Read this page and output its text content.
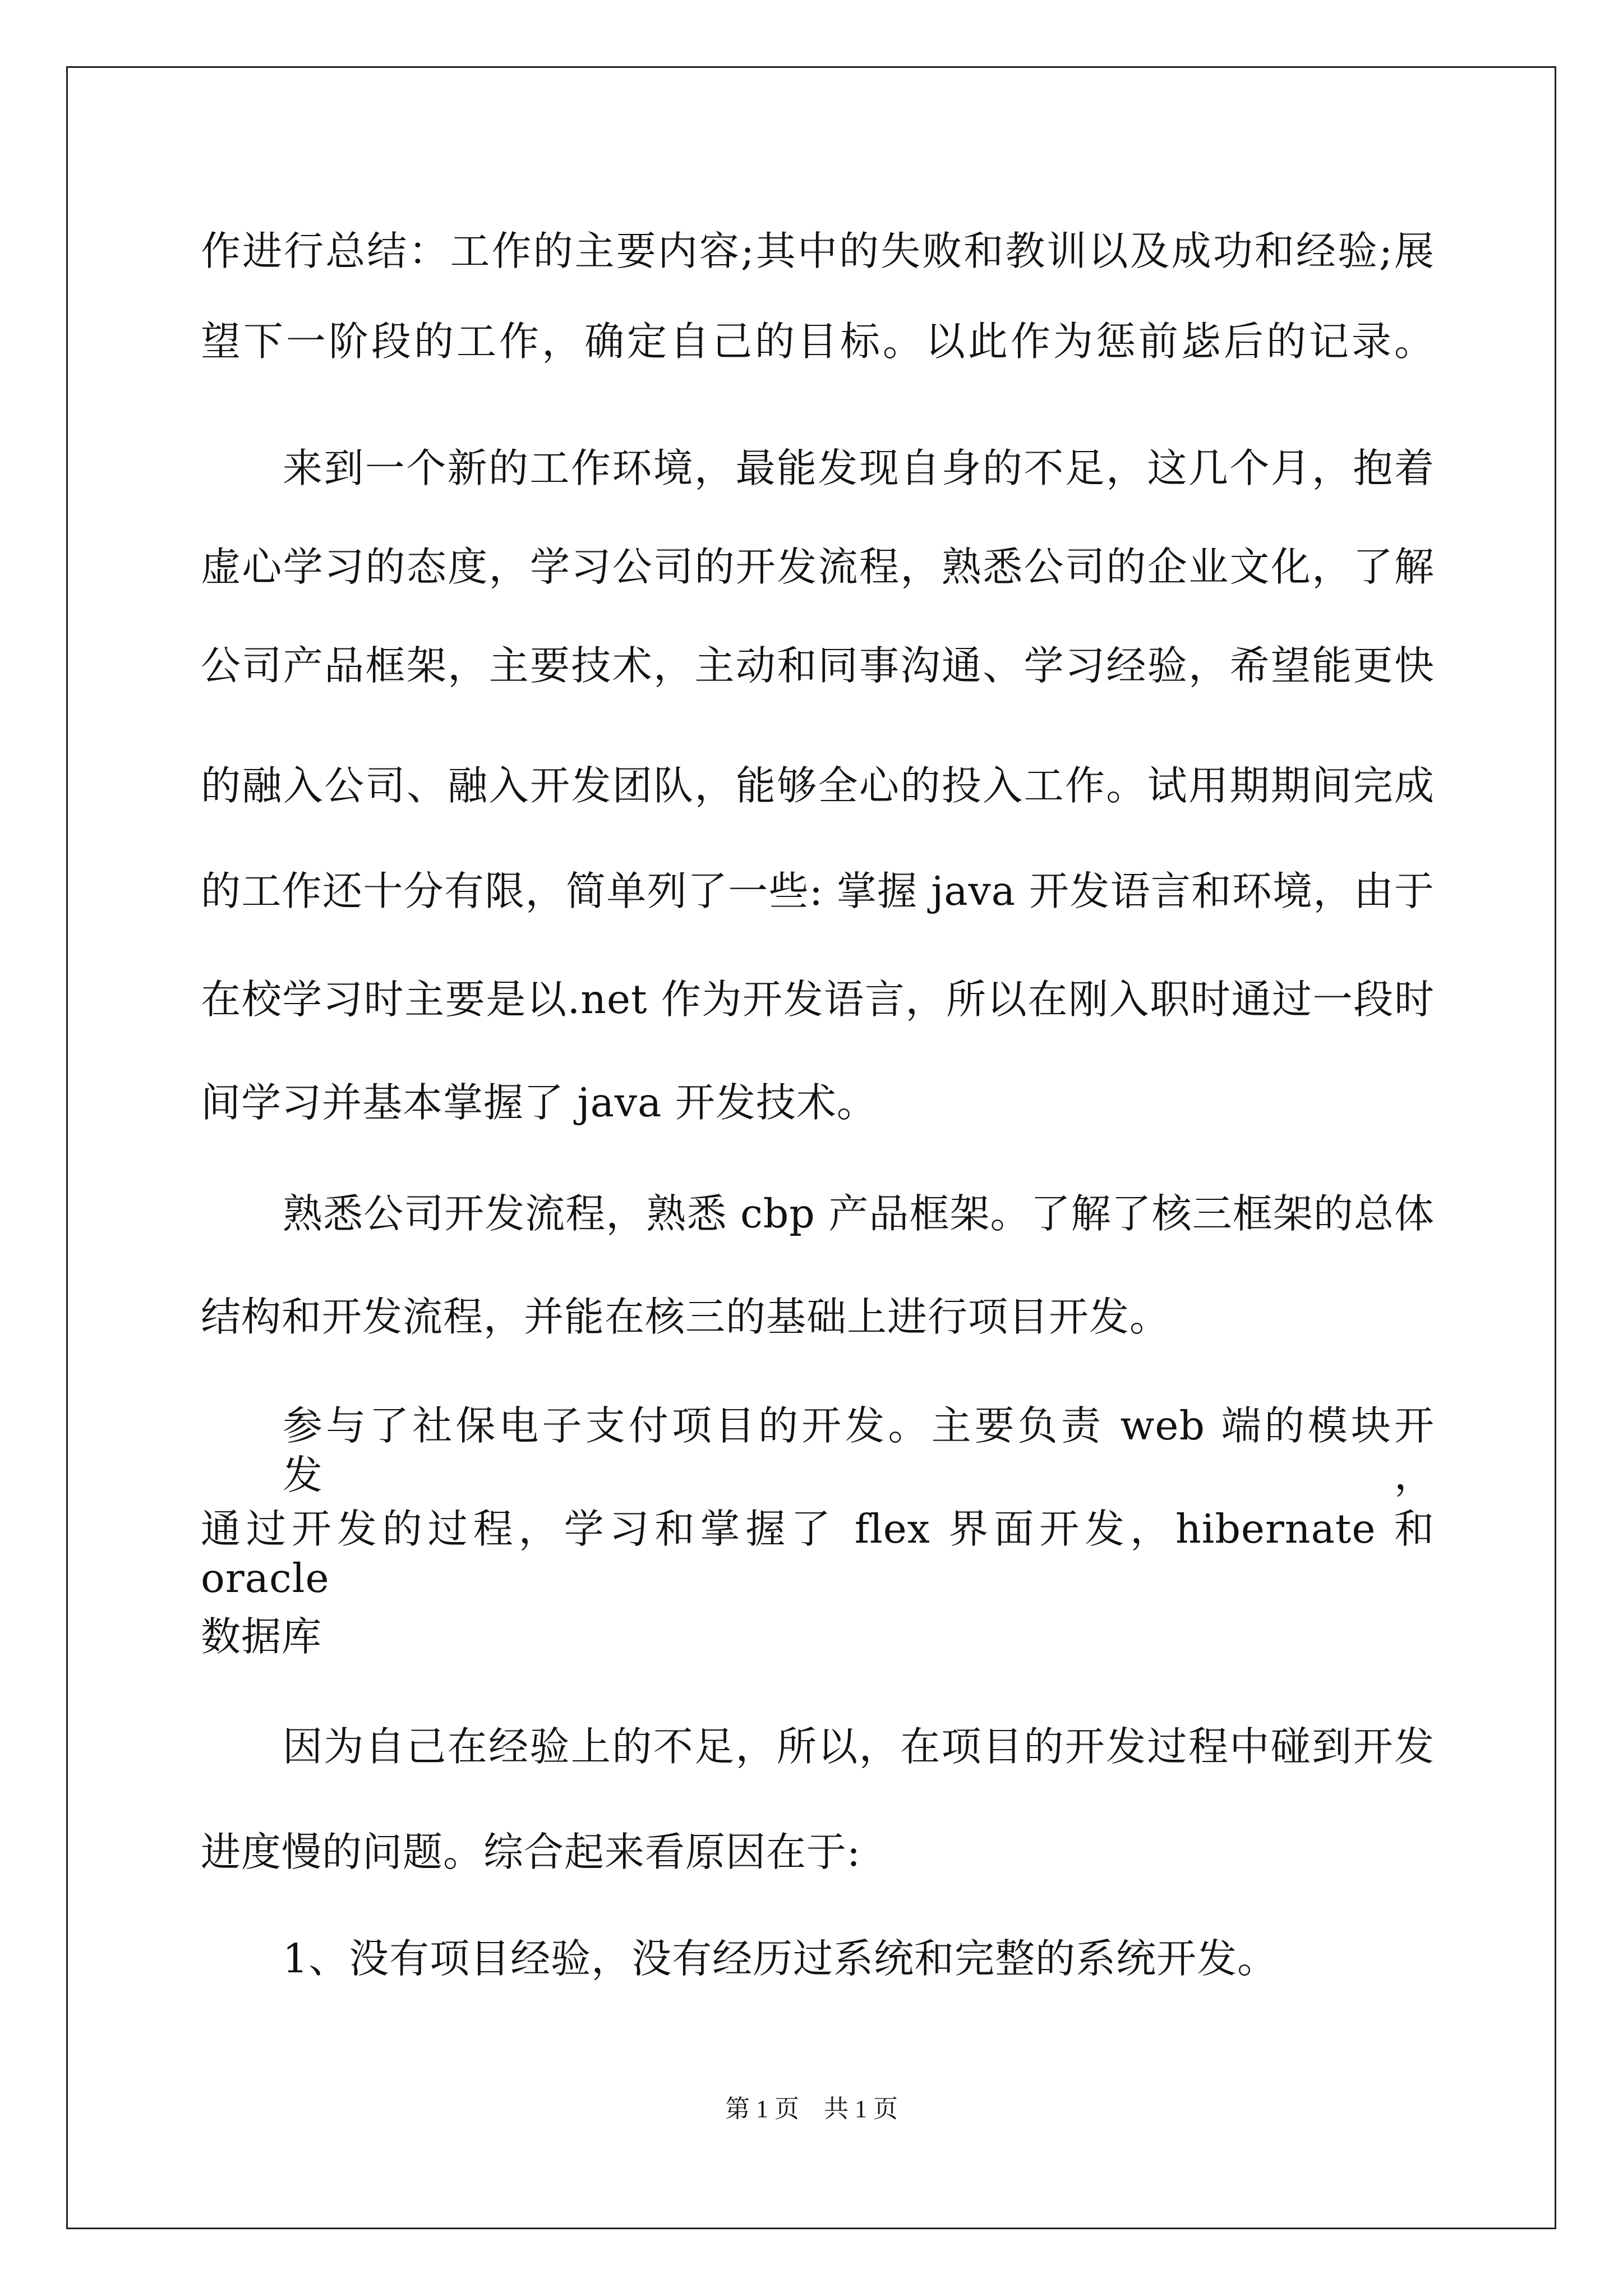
作进行总结：工作的主要内容;其中的失败和教训以及成功和经验;展
望下一阶段的工作，确定自己的目标。以此作为惩前毖后的记录。
来到一个新的工作环境，最能发现自身的不足，这几个月，抱着
虚心学习的态度，学习公司的开发流程，熟悉公司的企业文化，了解
公司产品框架，主要技术，主动和同事沟通、学习经验，希望能更快
的融入公司、融入开发团队，能够全心的投入工作。试用期期间完成
的工作还十分有限，简单列了一些: 掌握 java 开发语言和环境，由于
在校学习时主要是以.net 作为开发语言，所以在刚入职时通过一段时
间学习并基本掌握了 java 开发技术。
熟悉公司开发流程，熟悉 cbp 产品框架。了解了核三框架的总体
结构和开发流程，并能在核三的基础上进行项目开发。
参与了社保电子支付项目的开发。主要负责 web 端的模块开发，
通过开发的过程，学习和掌握了 flex 界面开发，hibernate 和 oracle
数据库
因为自己在经验上的不足，所以，在项目的开发过程中碰到开发
进度慢的问题。综合起来看原因在于:
1、没有项目经验，没有经历过系统和完整的系统开发。
第 1 页　共 1 页
